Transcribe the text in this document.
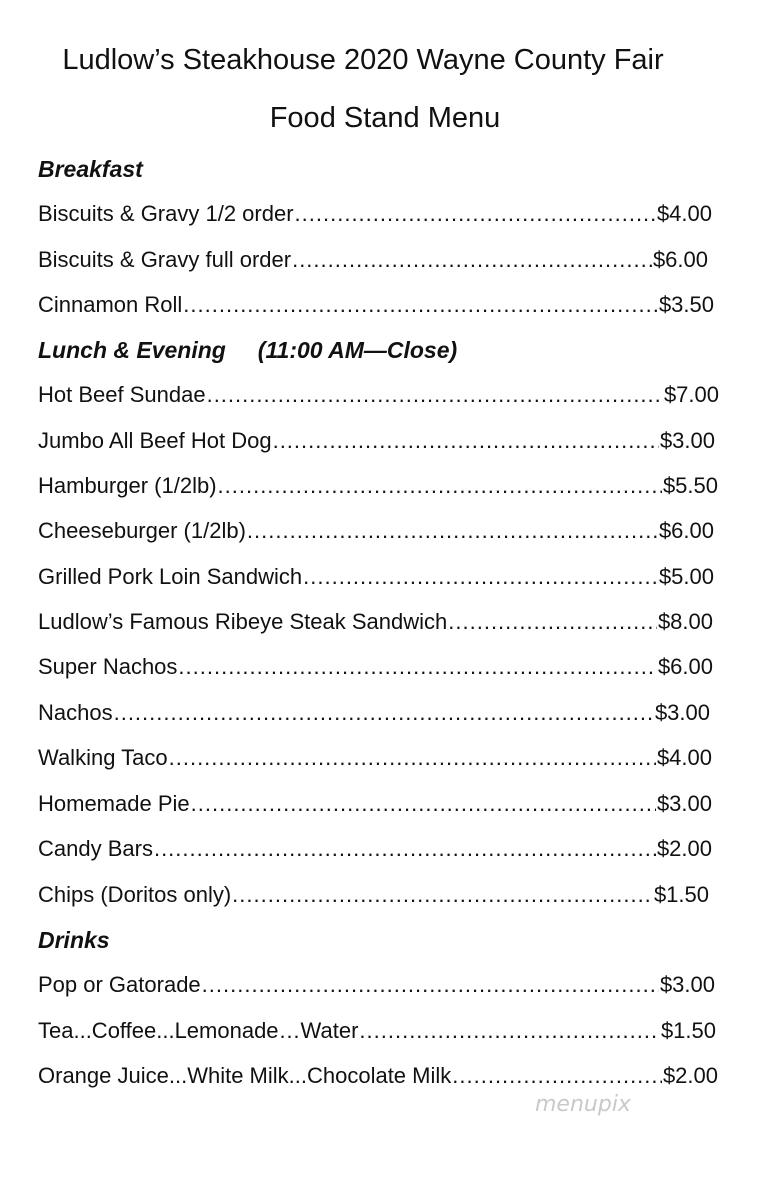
Ludlow’s Steakhouse 2020 Wayne County Fair
Food Stand Menu
Breakfast
Biscuits & Gravy 1/2 order .....	$4.00
Biscuits & Gravy full order .....	$6.00
Cinnamon Roll .....	$3.50
Lunch & Evening     (11:00 AM—Close)
Hot Beef Sundae .....	$7.00
Jumbo All Beef Hot Dog .....	$3.00
Hamburger (1/2lb) .....	$5.50
Cheeseburger (1/2lb) .....	$6.00
Grilled Pork Loin Sandwich .....	$5.00
Ludlow’s Famous Ribeye Steak Sandwich .....	$8.00
Super Nachos .....	$6.00
Nachos .....	$3.00
Walking Taco .....	$4.00
Homemade Pie .....	$3.00
Candy Bars .....	$2.00
Chips (Doritos only) .....	$1.50
Drinks
Pop or Gatorade .....	$3.00
Tea...Coffee...Lemonade…Water .....	$1.50
Orange Juice...White Milk...Chocolate Milk .....	$2.00
menupix
